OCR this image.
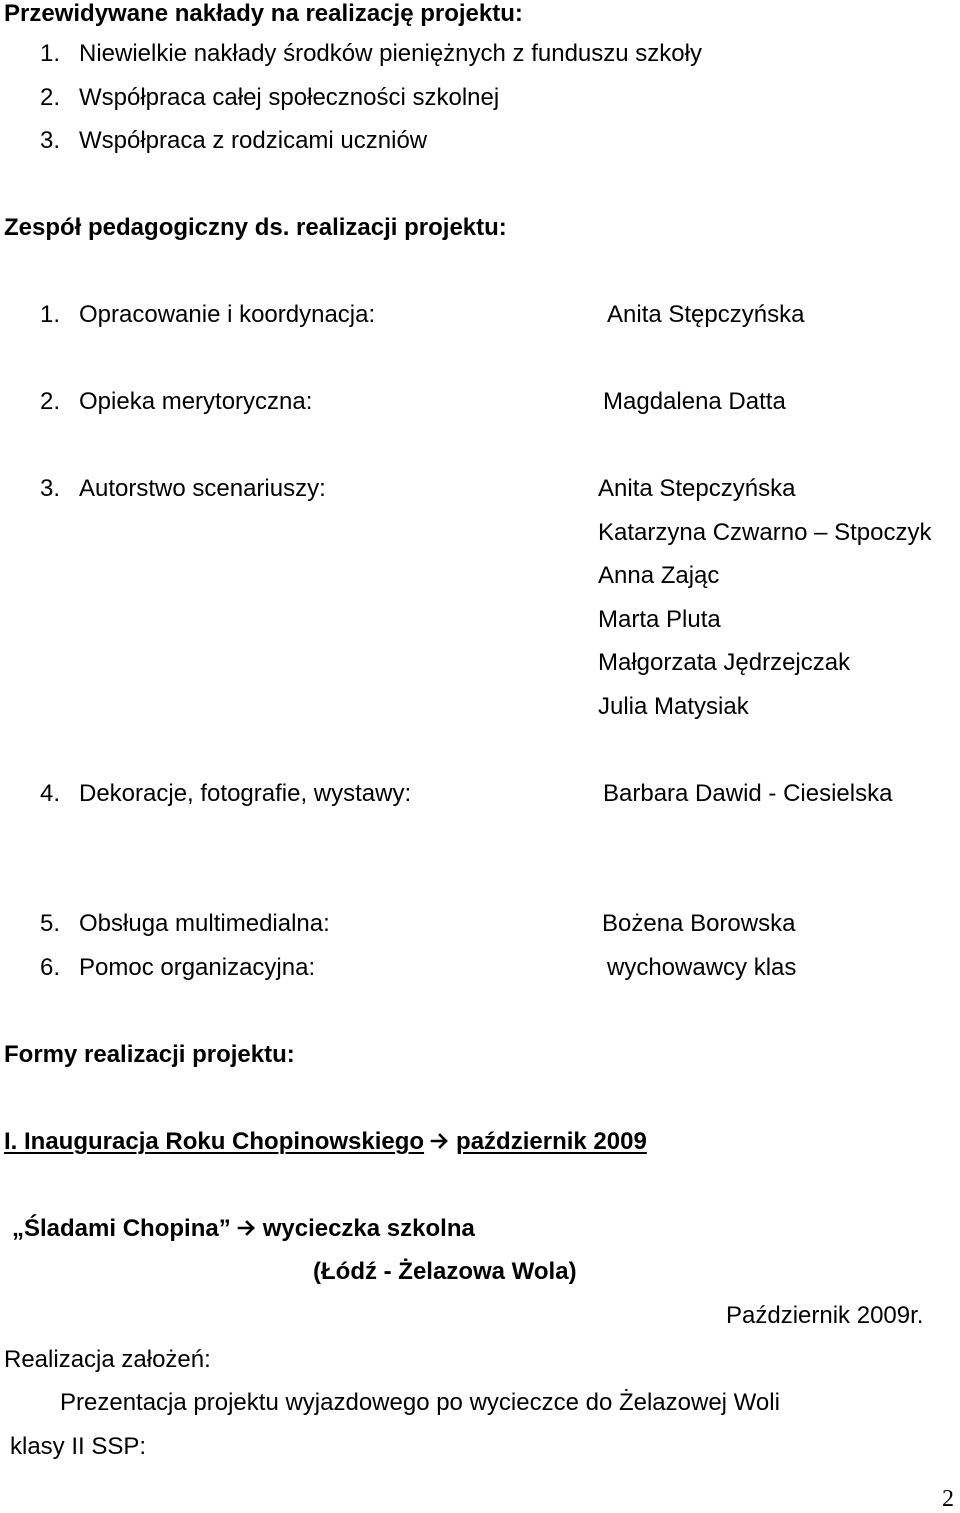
Przewidywane nakłady na realizację projektu:
1. Niewielkie nakłady środków pieniężnych z funduszu szkoły
2. Współpraca całej społeczności szkolnej
3. Współpraca z rodzicami uczniów
Zespół pedagogiczny ds. realizacji projektu:
1. Opracowanie i koordynacja:	Anita Stępczyńska
2. Opieka merytoryczna:	Magdalena Datta
3. Autorstwo scenariuszy:	Anita Stepczyńska
Katarzyna Czwarno – Stpoczyk
Anna Zając
Marta Pluta
Małgorzata Jędrzejczak
Julia Matysiak
4. Dekoracje, fotografie, wystawy:	Barbara Dawid - Ciesielska
5. Obsługa multimedialna:	Bożena Borowska
6. Pomoc organizacyjna:	wychowawcy klas
Formy realizacji projektu:
I. Inauguracja Roku Chopinowskiego październik 2009
„Śladami Chopina” wycieczka szkolna
(Łódź - Żelazowa Wola)
Październik 2009r.
Realizacja założeń:
Prezentacja projektu wyjazdowego po wycieczce do Żelazowej Woli
klasy II SSP:
2
